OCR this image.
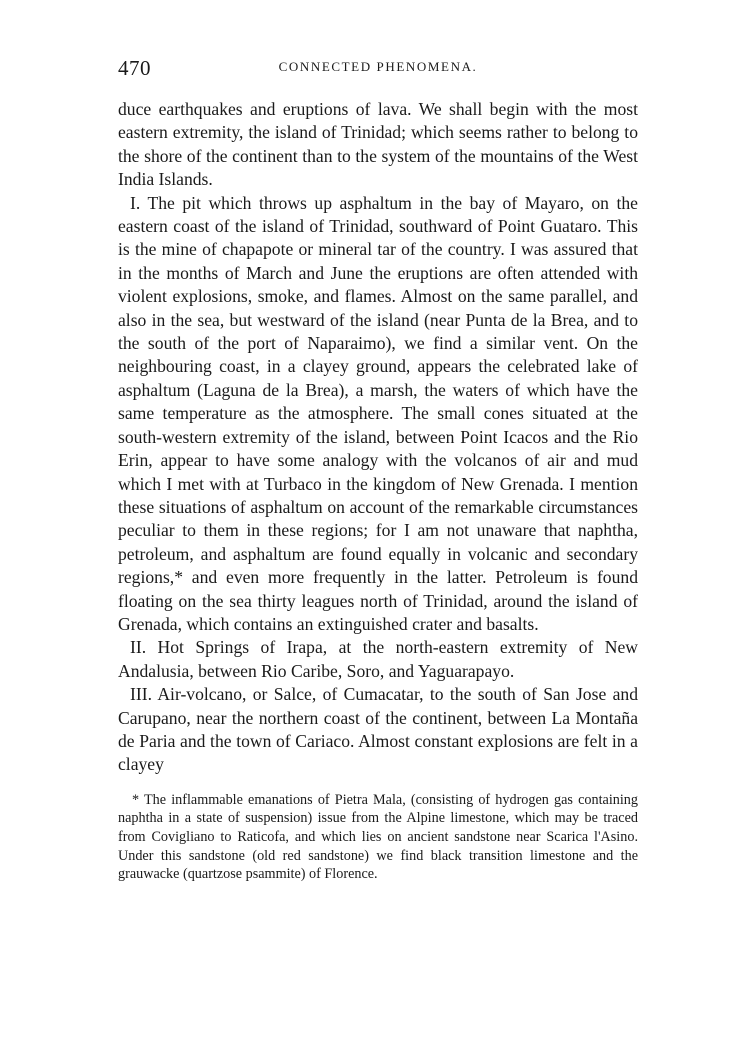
470	CONNECTED PHENOMENA.

duce earthquakes and eruptions of lava. We shall begin with the most eastern extremity, the island of Trinidad; which seems rather to belong to the shore of the continent than to the system of the mountains of the West India Islands.

I. The pit which throws up asphaltum in the bay of Mayaro, on the eastern coast of the island of Trinidad, southward of Point Guataro. This is the mine of chapapote or mineral tar of the country. I was assured that in the months of March and June the eruptions are often attended with violent explosions, smoke, and flames. Almost on the same parallel, and also in the sea, but westward of the island (near Punta de la Brea, and to the south of the port of Naparaimo), we find a similar vent. On the neighbouring coast, in a clayey ground, appears the celebrated lake of asphaltum (Laguna de la Brea), a marsh, the waters of which have the same temperature as the atmosphere. The small cones situated at the south-western extremity of the island, between Point Icacos and the Rio Erin, appear to have some analogy with the volcanos of air and mud which I met with at Turbaco in the kingdom of New Grenada. I mention these situations of asphaltum on account of the remarkable circumstances peculiar to them in these regions; for I am not unaware that naphtha, petroleum, and asphaltum are found equally in volcanic and secondary regions,* and even more frequently in the latter. Petroleum is found floating on the sea thirty leagues north of Trinidad, around the island of Grenada, which contains an extinguished crater and basalts.

II. Hot Springs of Irapa, at the north-eastern extremity of New Andalusia, between Rio Caribe, Soro, and Yaguarapayo.

III. Air-volcano, or Salce, of Cumacatar, to the south of San Jose and Carupano, near the northern coast of the continent, between La Montaña de Paria and the town of Cariaco. Almost constant explosions are felt in a clayey

* The inflammable emanations of Pietra Mala, (consisting of hydrogen gas containing naphtha in a state of suspension) issue from the Alpine limestone, which may be traced from Covigliano to Raticofa, and which lies on ancient sandstone near Scarica l'Asino. Under this sandstone (old red sandstone) we find black transition limestone and the grauwacke (quartzose psammite) of Florence.
